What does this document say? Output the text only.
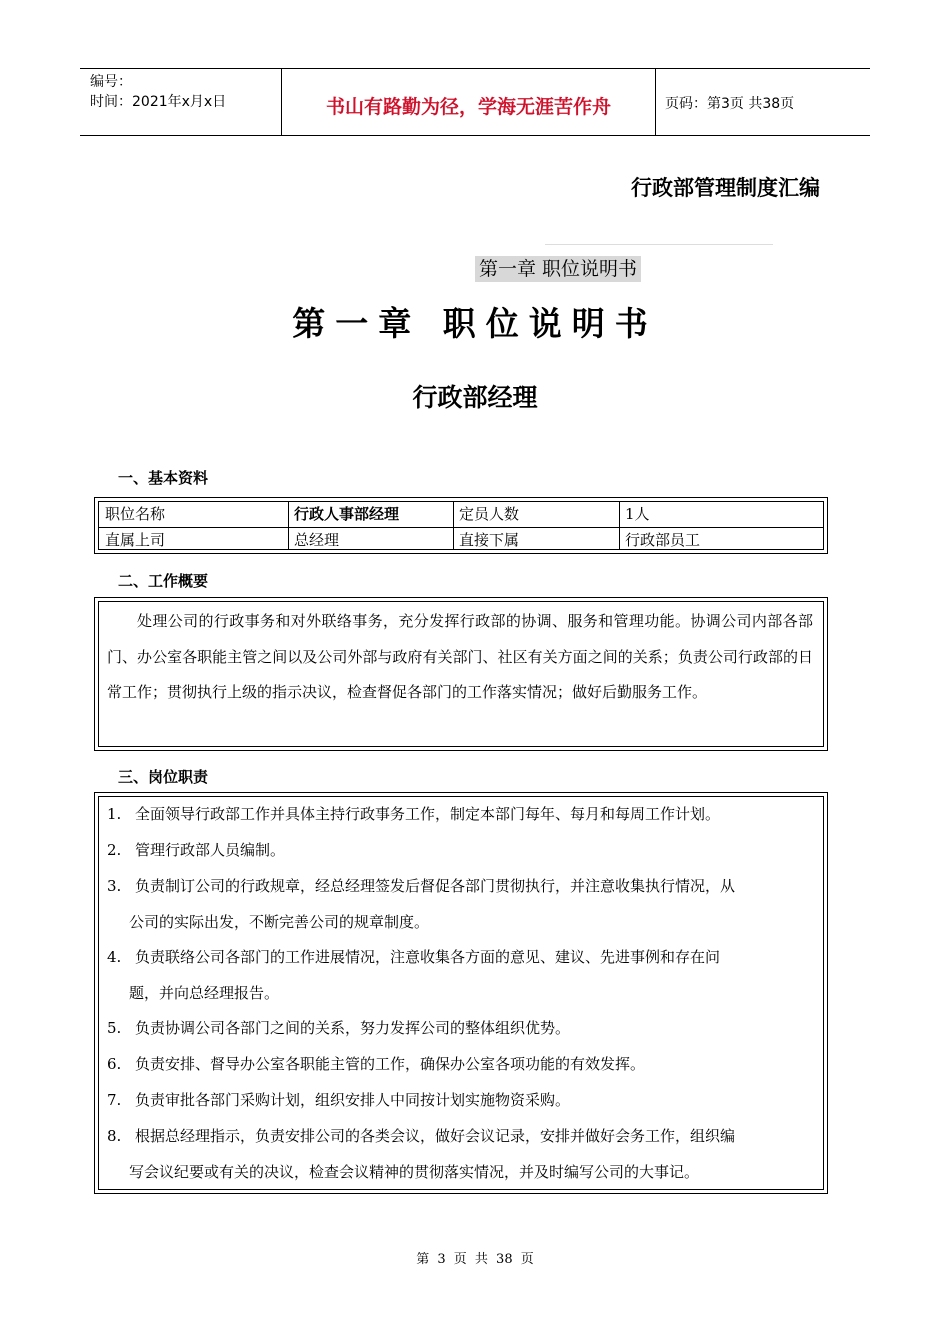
编号：
时间：2021年x月x日	书山有路勤为径，学海无涯苦作舟	页码：第3页 共38页
行政部管理制度汇编
第一章 职位说明书
第一章 职位说明书
行政部经理
一、基本资料
职位名称	行政人事部经理	定员人数	1人
直属上司	总经理	直接下属	行政部员工
二、工作概要
处理公司的行政事务和对外联络事务，充分发挥行政部的协调、服务和管理功能。协调公司内部各部门、办公室各职能主管之间以及公司外部与政府有关部门、社区有关方面之间的关系；负责公司行政部的日常工作；贯彻执行上级的指示决议，检查督促各部门的工作落实情况；做好后勤服务工作。
三、岗位职责
1. 全面领导行政部工作并具体主持行政事务工作，制定本部门每年、每月和每周工作计划。
2. 管理行政部人员编制。
3. 负责制订公司的行政规章，经总经理签发后督促各部门贯彻执行，并注意收集执行情况，从
公司的实际出发，不断完善公司的规章制度。
4. 负责联络公司各部门的工作进展情况，注意收集各方面的意见、建议、先进事例和存在问
题，并向总经理报告。
5. 负责协调公司各部门之间的关系，努力发挥公司的整体组织优势。
6. 负责安排、督导办公室各职能主管的工作，确保办公室各项功能的有效发挥。
7. 负责审批各部门采购计划，组织安排人中同按计划实施物资采购。
8. 根据总经理指示，负责安排公司的各类会议，做好会议记录，安排并做好会务工作，组织编
写会议纪要或有关的决议，检查会议精神的贯彻落实情况，并及时编写公司的大事记。
第 3 页 共 38 页
